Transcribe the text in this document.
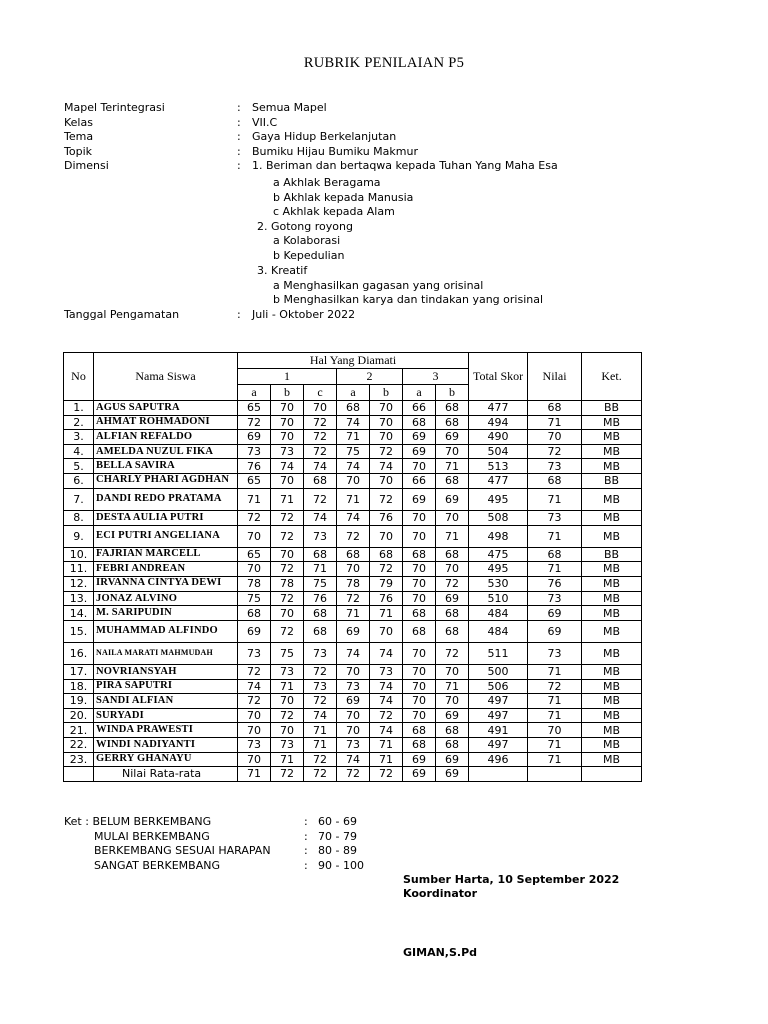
RUBRIK PENILAIAN P5
Mapel Terintegrasi	: Semua Mapel
Kelas	: VII.C
Tema	: Gaya Hidup Berkelanjutan
Topik	: Bumiku Hijau Bumiku Makmur
Dimensi	: 1. Beriman dan bertaqwa kepada Tuhan Yang Maha Esa
a Akhlak Beragama
b Akhlak kepada Manusia
c Akhlak kepada Alam
2. Gotong royong
a Kolaborasi
b Kepedulian
3. Kreatif
a Menghasilkan gagasan yang orisinal
b Menghasilkan karya dan tindakan yang orisinal
Tanggal Pengamatan	: Juli - Oktober 2022
No	Nama Siswa	Hal Yang Diamati							Total Skor	Nilai	Ket.
		1			2		3				
		a	b	c	a	b	a	b			
1.	AGUS SAPUTRA	65	70	70	68	70	66	68	477	68	BB
2.	AHMAT ROHMADONI	72	70	72	74	70	68	68	494	71	MB
3.	ALFIAN REFALDO	69	70	72	71	70	69	69	490	70	MB
4.	AMELDA NUZUL FIKA	73	73	72	75	72	69	70	504	72	MB
5.	BELLA SAVIRA	76	74	74	74	74	70	71	513	73	MB
6.	CHARLY PHARI AGDHAN	65	70	68	70	70	66	68	477	68	BB
7.	DANDI REDO PRATAMA	71	71	72	71	72	69	69	495	71	MB
8.	DESTA AULIA PUTRI	72	72	74	74	76	70	70	508	73	MB
9.	ECI PUTRI ANGELIANA	70	72	73	72	70	70	71	498	71	MB
10.	FAJRIAN MARCELL	65	70	68	68	68	68	68	475	68	BB
11.	FEBRI ANDREAN	70	72	71	70	72	70	70	495	71	MB
12.	IRVANNA CINTYA DEWI	78	78	75	78	79	70	72	530	76	MB
13.	JONAZ ALVINO	75	72	76	72	76	70	69	510	73	MB
14.	M. SARIPUDIN	68	70	68	71	71	68	68	484	69	MB
15.	MUHAMMAD ALFINDO	69	72	68	69	70	68	68	484	69	MB
16.	NAILA MARATI MAHMUDAH	73	75	73	74	74	70	72	511	73	MB
17.	NOVRIANSYAH	72	73	72	70	73	70	70	500	71	MB
18.	PIRA SAPUTRI	74	71	73	73	74	70	71	506	72	MB
19.	SANDI ALFIAN	72	70	72	69	74	70	70	497	71	MB
20.	SURYADI	70	72	74	70	72	70	69	497	71	MB
21.	WINDA PRAWESTI	70	70	71	70	74	68	68	491	70	MB
22.	WINDI NADIYANTI	73	73	71	73	71	68	68	497	71	MB
23.	GERRY GHANAYU	70	71	72	74	71	69	69	496	71	MB
	Nilai Rata-rata	71	72	72	72	72	69	69			
Ket : BELUM BERKEMBANG	: 60 - 69
MULAI BERKEMBANG	: 70 - 79
BERKEMBANG SESUAI HARAPAN	: 80 - 89
SANGAT BERKEMBANG	: 90 - 100
Sumber Harta, 10 September 2022
Koordinator
GIMAN,S.Pd
